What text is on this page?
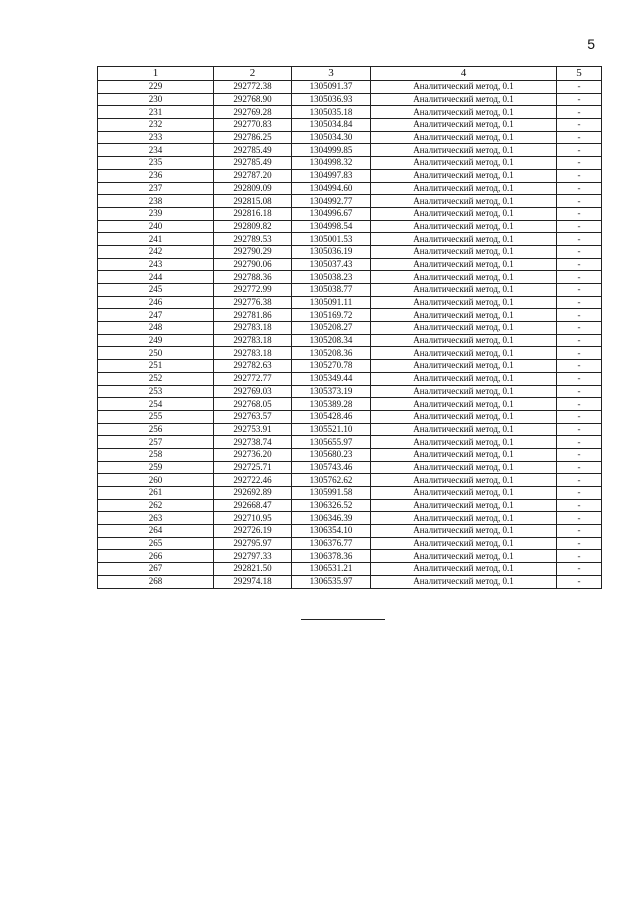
5
1	2	3	4	5
229	292772.38	1305091.37	Аналитический метод, 0.1	-
230	292768.90	1305036.93	Аналитический метод, 0.1	-
231	292769.28	1305035.18	Аналитический метод, 0.1	-
232	292770.83	1305034.84	Аналитический метод, 0.1	-
233	292786.25	1305034.30	Аналитический метод, 0.1	-
234	292785.49	1304999.85	Аналитический метод, 0.1	-
235	292785.49	1304998.32	Аналитический метод, 0.1	-
236	292787.20	1304997.83	Аналитический метод, 0.1	-
237	292809.09	1304994.60	Аналитический метод, 0.1	-
238	292815.08	1304992.77	Аналитический метод, 0.1	-
239	292816.18	1304996.67	Аналитический метод, 0.1	-
240	292809.82	1304998.54	Аналитический метод, 0.1	-
241	292789.53	1305001.53	Аналитический метод, 0.1	-
242	292790.29	1305036.19	Аналитический метод, 0.1	-
243	292790.06	1305037.43	Аналитический метод, 0.1	-
244	292788.36	1305038.23	Аналитический метод, 0.1	-
245	292772.99	1305038.77	Аналитический метод, 0.1	-
246	292776.38	1305091.11	Аналитический метод, 0.1	-
247	292781.86	1305169.72	Аналитический метод, 0.1	-
248	292783.18	1305208.27	Аналитический метод, 0.1	-
249	292783.18	1305208.34	Аналитический метод, 0.1	-
250	292783.18	1305208.36	Аналитический метод, 0.1	-
251	292782.63	1305270.78	Аналитический метод, 0.1	-
252	292772.77	1305349.44	Аналитический метод, 0.1	-
253	292769.03	1305373.19	Аналитический метод, 0.1	-
254	292768.05	1305389.28	Аналитический метод, 0.1	-
255	292763.57	1305428.46	Аналитический метод, 0.1	-
256	292753.91	1305521.10	Аналитический метод, 0.1	-
257	292738.74	1305655.97	Аналитический метод, 0.1	-
258	292736.20	1305680.23	Аналитический метод, 0.1	-
259	292725.71	1305743.46	Аналитический метод, 0.1	-
260	292722.46	1305762.62	Аналитический метод, 0.1	-
261	292692.89	1305991.58	Аналитический метод, 0.1	-
262	292668.47	1306326.52	Аналитический метод, 0.1	-
263	292710.95	1306346.39	Аналитический метод, 0.1	-
264	292726.19	1306354.10	Аналитический метод, 0.1	-
265	292795.97	1306376.77	Аналитический метод, 0.1	-
266	292797.33	1306378.36	Аналитический метод, 0.1	-
267	292821.50	1306531.21	Аналитический метод, 0.1	-
268	292974.18	1306535.97	Аналитический метод, 0.1	-
